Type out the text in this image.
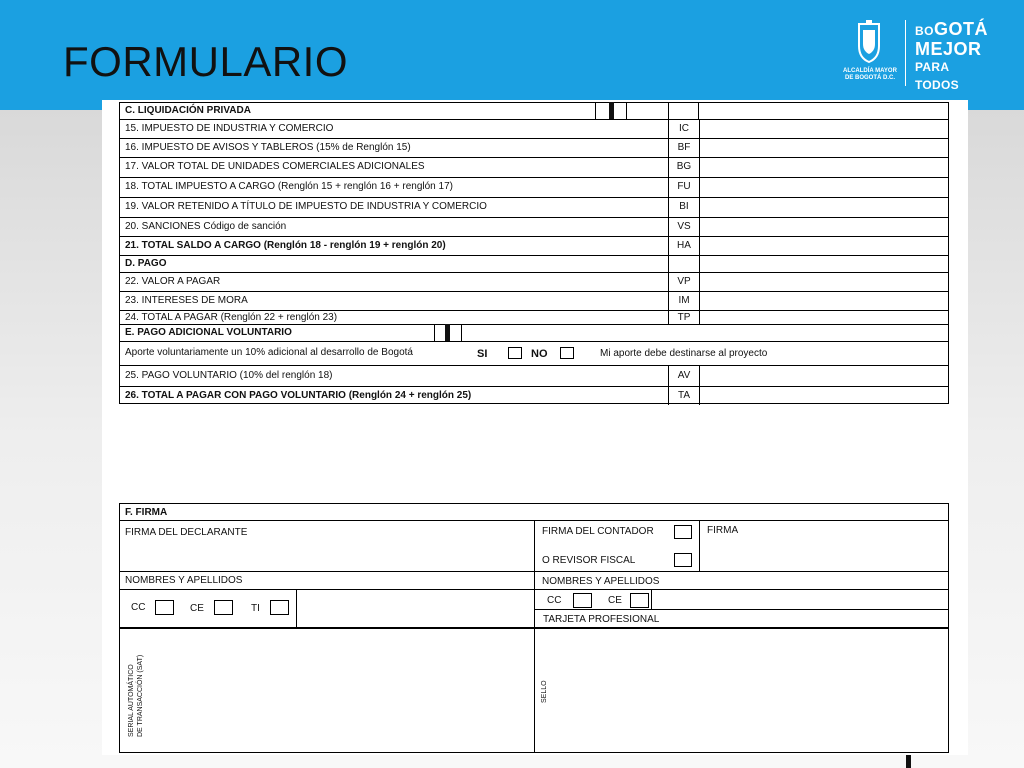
FORMULARIO	ALCALDÍA MAYOR
DE BOGOTÁ D.C.
BOGOTÁ
MEJOR
PARA TODOS
C. LIQUIDACIÓN PRIVADA
15. IMPUESTO DE INDUSTRIA Y COMERCIO	IC
16. IMPUESTO DE AVISOS Y TABLEROS (15% de Renglón 15)	BF
17. VALOR TOTAL DE UNIDADES COMERCIALES ADICIONALES	BG
18. TOTAL IMPUESTO A CARGO (Renglón 15 + renglón 16 + renglón 17)	FU
19. VALOR RETENIDO A TÍTULO DE IMPUESTO DE INDUSTRIA Y COMERCIO	BI
20. SANCIONES Código de sanción	VS
21. TOTAL SALDO A CARGO (Renglón 18 - renglón 19 + renglón 20)	HA
D. PAGO
22. VALOR A PAGAR	VP
23. INTERESES DE MORA	IM
24. TOTAL A PAGAR (Renglón 22 + renglón 23)	TP
E. PAGO ADICIONAL VOLUNTARIO
Aporte voluntariamente un 10% adicional al desarrollo de Bogotá	SI	NO	Mi aporte debe destinarse al proyecto
25. PAGO VOLUNTARIO (10% del renglón 18)	AV
26. TOTAL A PAGAR CON PAGO VOLUNTARIO (Renglón 24 + renglón 25)	TA
F. FIRMA
FIRMA DEL DECLARANTE	FIRMA DEL CONTADOR
O REVISOR FISCAL
FIRMA
NOMBRES Y APELLIDOS	NOMBRES Y APELLIDOS
CC	CE	TI
CC	CE
TARJETA PROFESIONAL
SERIAL AUTOMÁTICO DE TRANSACCIÓN (SAT)	SELLO
